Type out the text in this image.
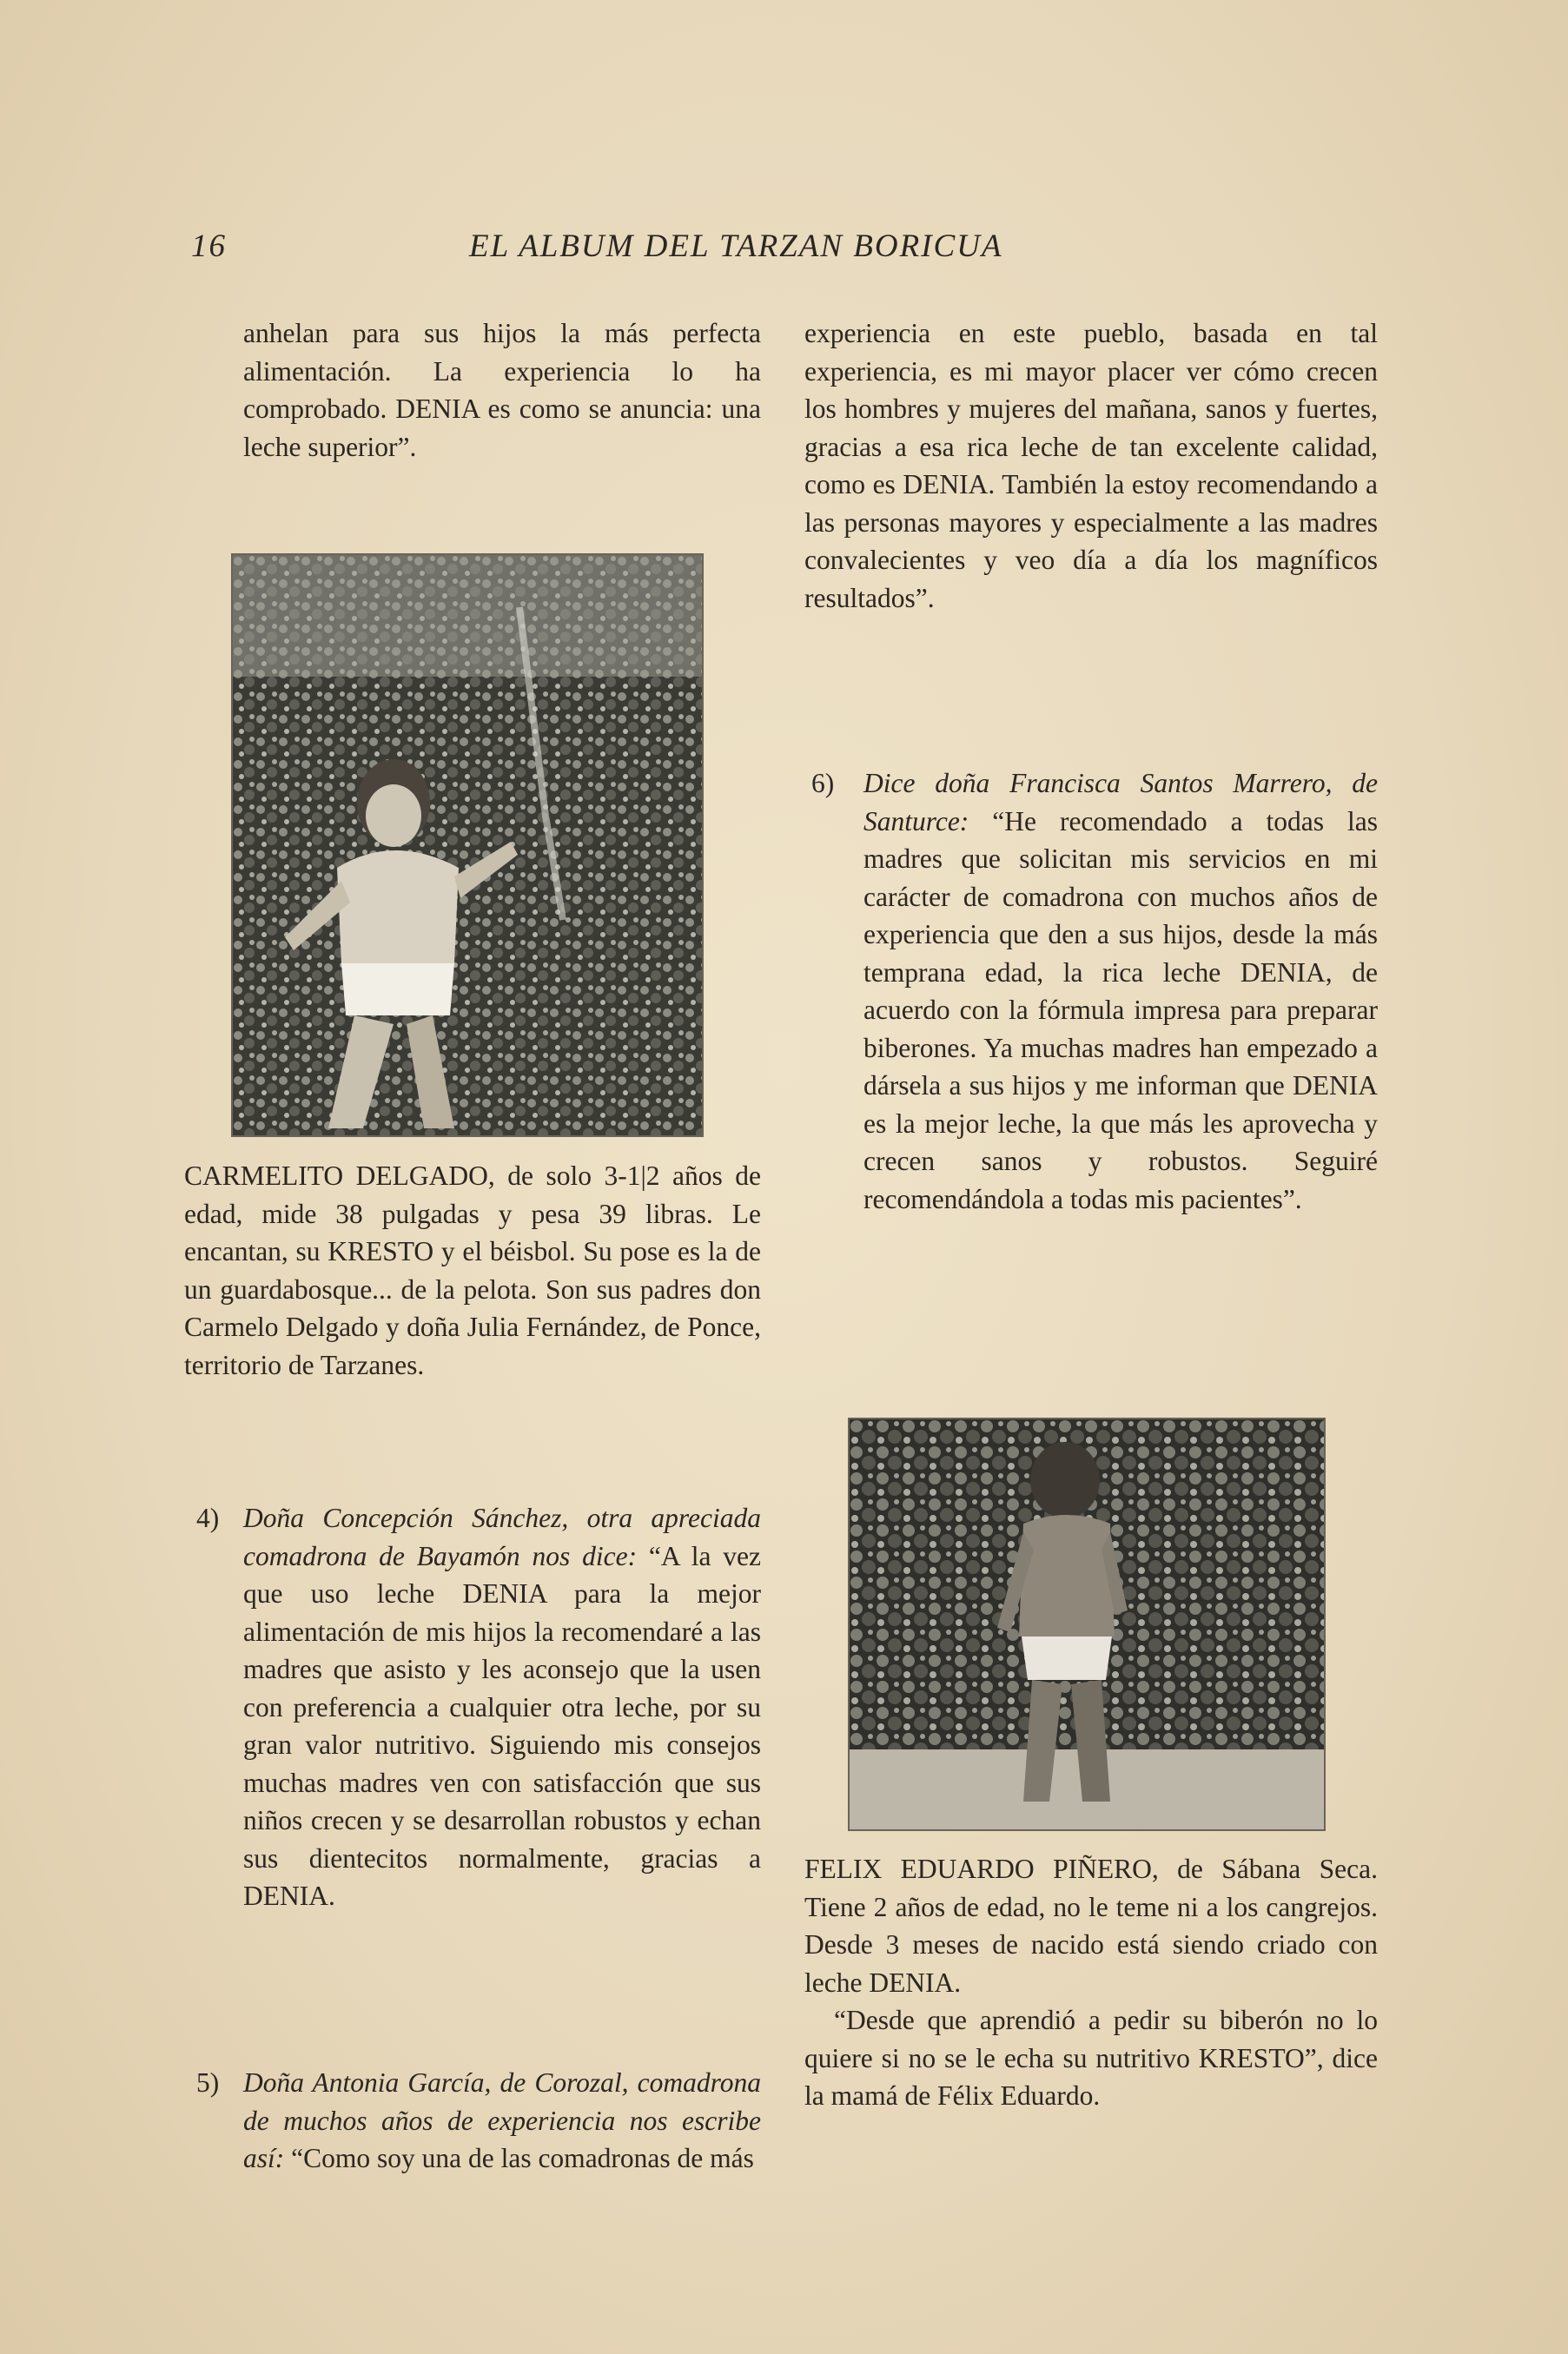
16	EL ALBUM DEL TARZAN BORICUA

anhelan para sus hijos la más perfecta alimentación. La experiencia lo ha comprobado. DENIA es como se anuncia: una leche superior”.

CARMELITO DELGADO, de solo 3-1|2 años de edad, mide 38 pulgadas y pesa 39 libras. Le encantan, su KRESTO y el béisbol. Su pose es la de un guardabosque... de la pelota. Son sus padres don Carmelo Delgado y doña Julia Fernández, de Ponce, territorio de Tarzanes.

4) Doña Concepción Sánchez, otra apreciada comadrona de Bayamón nos dice: “A la vez que uso leche DENIA para la mejor alimentación de mis hijos la recomendaré a las madres que asisto y les aconsejo que la usen con preferencia a cualquier otra leche, por su gran valor nutritivo. Siguiendo mis consejos muchas madres ven con satisfacción que sus niños crecen y se desarrollan robustos y echan sus dientecitos normalmente, gracias a DENIA.

5) Doña Antonia García, de Corozal, comadrona de muchos años de experiencia nos escribe así: “Como soy una de las comadronas de más

experiencia en este pueblo, basada en tal experiencia, es mi mayor placer ver cómo crecen los hombres y mujeres del mañana, sanos y fuertes, gracias a esa rica leche de tan excelente calidad, como es DENIA. También la estoy recomendando a las personas mayores y especialmente a las madres convalecientes y veo día a día los magníficos resultados”.

6)	Dice doña Francisca Santos Marrero, de Santurce: “He recomendado a todas las madres que solicitan mis servicios en mi carácter de comadrona con muchos años de experiencia que den a sus hijos, desde la más temprana edad, la rica leche DENIA, de acuerdo con la fórmula impresa para preparar biberones. Ya muchas madres han empezado a dársela a sus hijos y me informan que DENIA es la mejor leche, la que más les aprovecha y crecen sanos y robustos. Seguiré recomendándola a todas mis pacientes”.

FELIX EDUARDO PIÑERO, de Sábana Seca. Tiene 2 años de edad, no le teme ni a los cangrejos. Desde 3 meses de nacido está siendo criado con leche DENIA.

“Desde que aprendió a pedir su biberón no lo quiere si no se le echa su nutritivo KRESTO”, dice la mamá de Félix Eduardo.
